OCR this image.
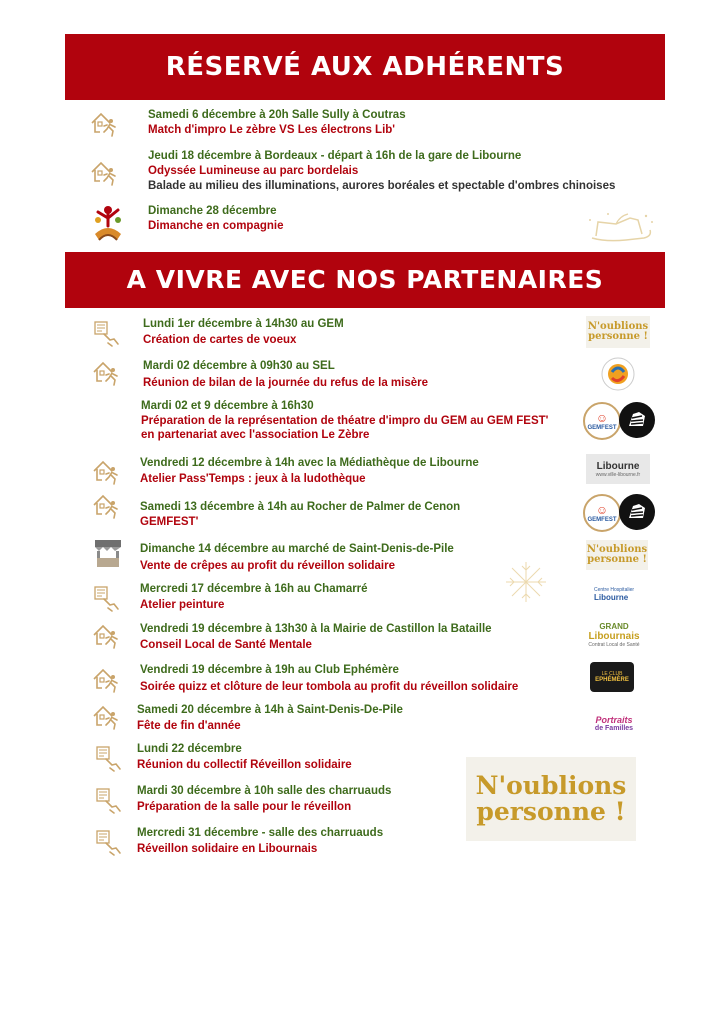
RÉSERVÉ AUX ADHÉRENTS
Samedi 6 décembre à 20h Salle Sully à Coutras
Match d'impro Le zèbre VS Les électrons Lib'
Jeudi 18 décembre à Bordeaux - départ à 16h de la gare de Libourne
Odyssée Lumineuse au parc bordelais
Balade au milieu des illuminations, aurores boréales et spectable d'ombres chinoises
Dimanche 28 décembre
Dimanche en compagnie
A VIVRE AVEC NOS PARTENAIRES
Lundi 1er décembre à 14h30 au GEM
Création de cartes de voeux
Mardi 02 décembre à 09h30 au SEL
Réunion de bilan de la journée du refus de la misère
Mardi 02 et 9 décembre à 16h30
Préparation de la représentation de théatre d'impro du GEM au GEM FEST'
en partenariat avec l'association Le Zèbre
Vendredi 12 décembre à 14h avec la Médiathèque de Libourne
Atelier Pass'Temps : jeux à la ludothèque
Samedi 13 décembre à 14h au Rocher de Palmer de Cenon
GEMFEST'
Dimanche 14 décembre au marché de Saint-Denis-de-Pile
Vente de crêpes au profit du réveillon solidaire
Mercredi 17 décembre à 16h au Chamarré
Atelier peinture
Vendredi 19 décembre à 13h30 à la Mairie de Castillon la Bataille
Conseil Local de Santé Mentale
Vendredi 19 décembre à 19h au Club Ephémère
Soirée quizz et clôture de leur tombola au profit du réveillon solidaire
Samedi 20 décembre à 14h à Saint-Denis-De-Pile
Fête de fin d'année
Lundi 22 décembre
Réunion du collectif Réveillon solidaire
Mardi 30 décembre à 10h salle des charruauds
Préparation de la salle pour le réveillon
Mercredi 31 décembre - salle des charruauds
Réveillon solidaire en Libournais
N'oublions
personne !
☺
GEMFEST
Libourne
www.ville-libourne.fr
☺
GEMFEST
N'oublions
personne !
Centre Hospitalier
Libourne
GRAND
Libournais
Contrat Local de Santé
LE CLUB
EPHÉMÈRE
Portraits
de Familles
N'oublions
personne !
